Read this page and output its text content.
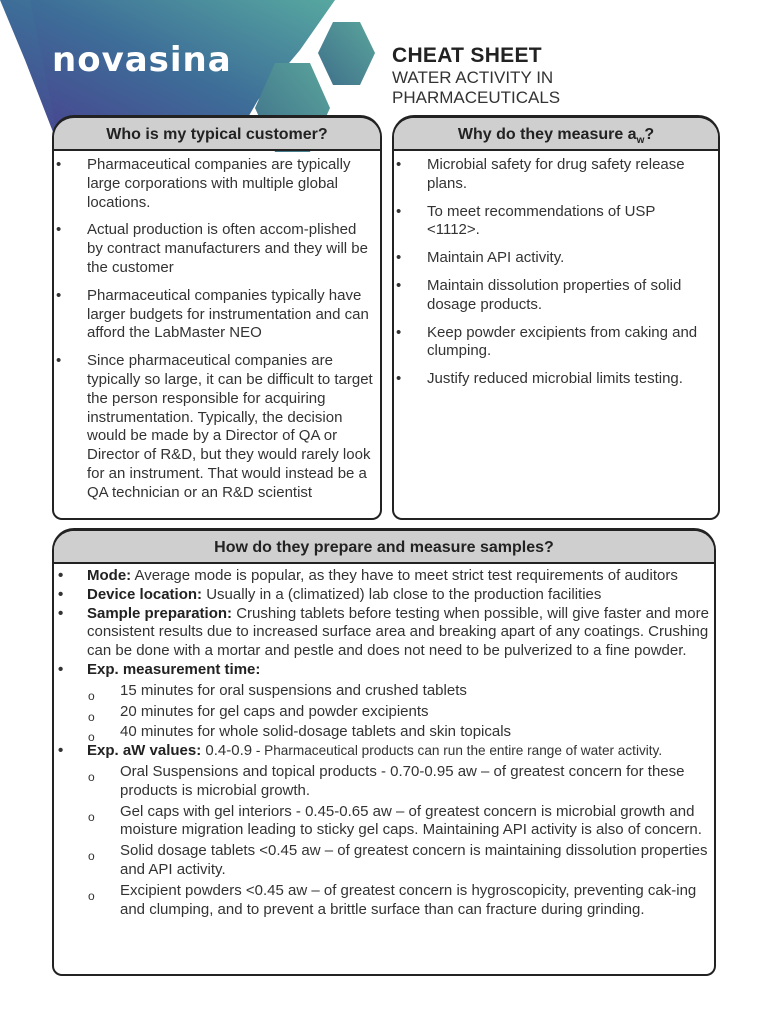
novasina	CHEAT SHEET
WATER ACTIVITY IN
PHARMACEUTICALS
Who is my typical customer?
• Pharmaceutical companies are typically large corporations with multiple global locations.
• Actual production is often accom-plished by contract manufacturers and they will be the customer
• Pharmaceutical companies typically have larger budgets for instrumentation and can afford the LabMaster NEO
• Since pharmaceutical companies are typically so large, it can be difficult to target the person responsible for acquiring instrumentation. Typically, the decision would be made by a Director of QA or Director of R&D, but they would rarely look for an instrument. That would instead be a QA technician or an R&D scientist
Why do they measure $a_w$?
• Microbial safety for drug safety release plans.
• To meet recommendations of USP <1112>.
• Maintain API activity.
• Maintain dissolution properties of solid dosage products.
• Keep powder excipients from caking and clumping.
• Justify reduced microbial limits testing.
How do they prepare and measure samples?
• Mode: Average mode is popular, as they have to meet strict test requirements of auditors
• Device location: Usually in a (climatized) lab close to the production facilities
• Sample preparation: Crushing tablets before testing when possible, will give faster and more consistent results due to increased surface area and breaking apart of any coatings. Crushing can be done with a mortar and pestle and does not need to be pulverized to a fine powder.
• Exp. measurement time:
o 15 minutes for oral suspensions and crushed tablets
o 20 minutes for gel caps and powder excipients
o 40 minutes for whole solid-dosage tablets and skin topicals
• Exp. aW values: 0.4-0.9 - Pharmaceutical products can run the entire range of water activity.
o Oral Suspensions and topical products - 0.70-0.95 aw – of greatest concern for these products is microbial growth.
o Gel caps with gel interiors - 0.45-0.65 aw – of greatest concern is microbial growth and moisture migration leading to sticky gel caps. Maintaining API activity is also of concern.
o Solid dosage tablets <0.45 aw – of greatest concern is maintaining dissolution properties and API activity.
o Excipient powders <0.45 aw – of greatest concern is hygroscopicity, preventing cak-ing and clumping, and to prevent a brittle surface than can fracture during grinding.
